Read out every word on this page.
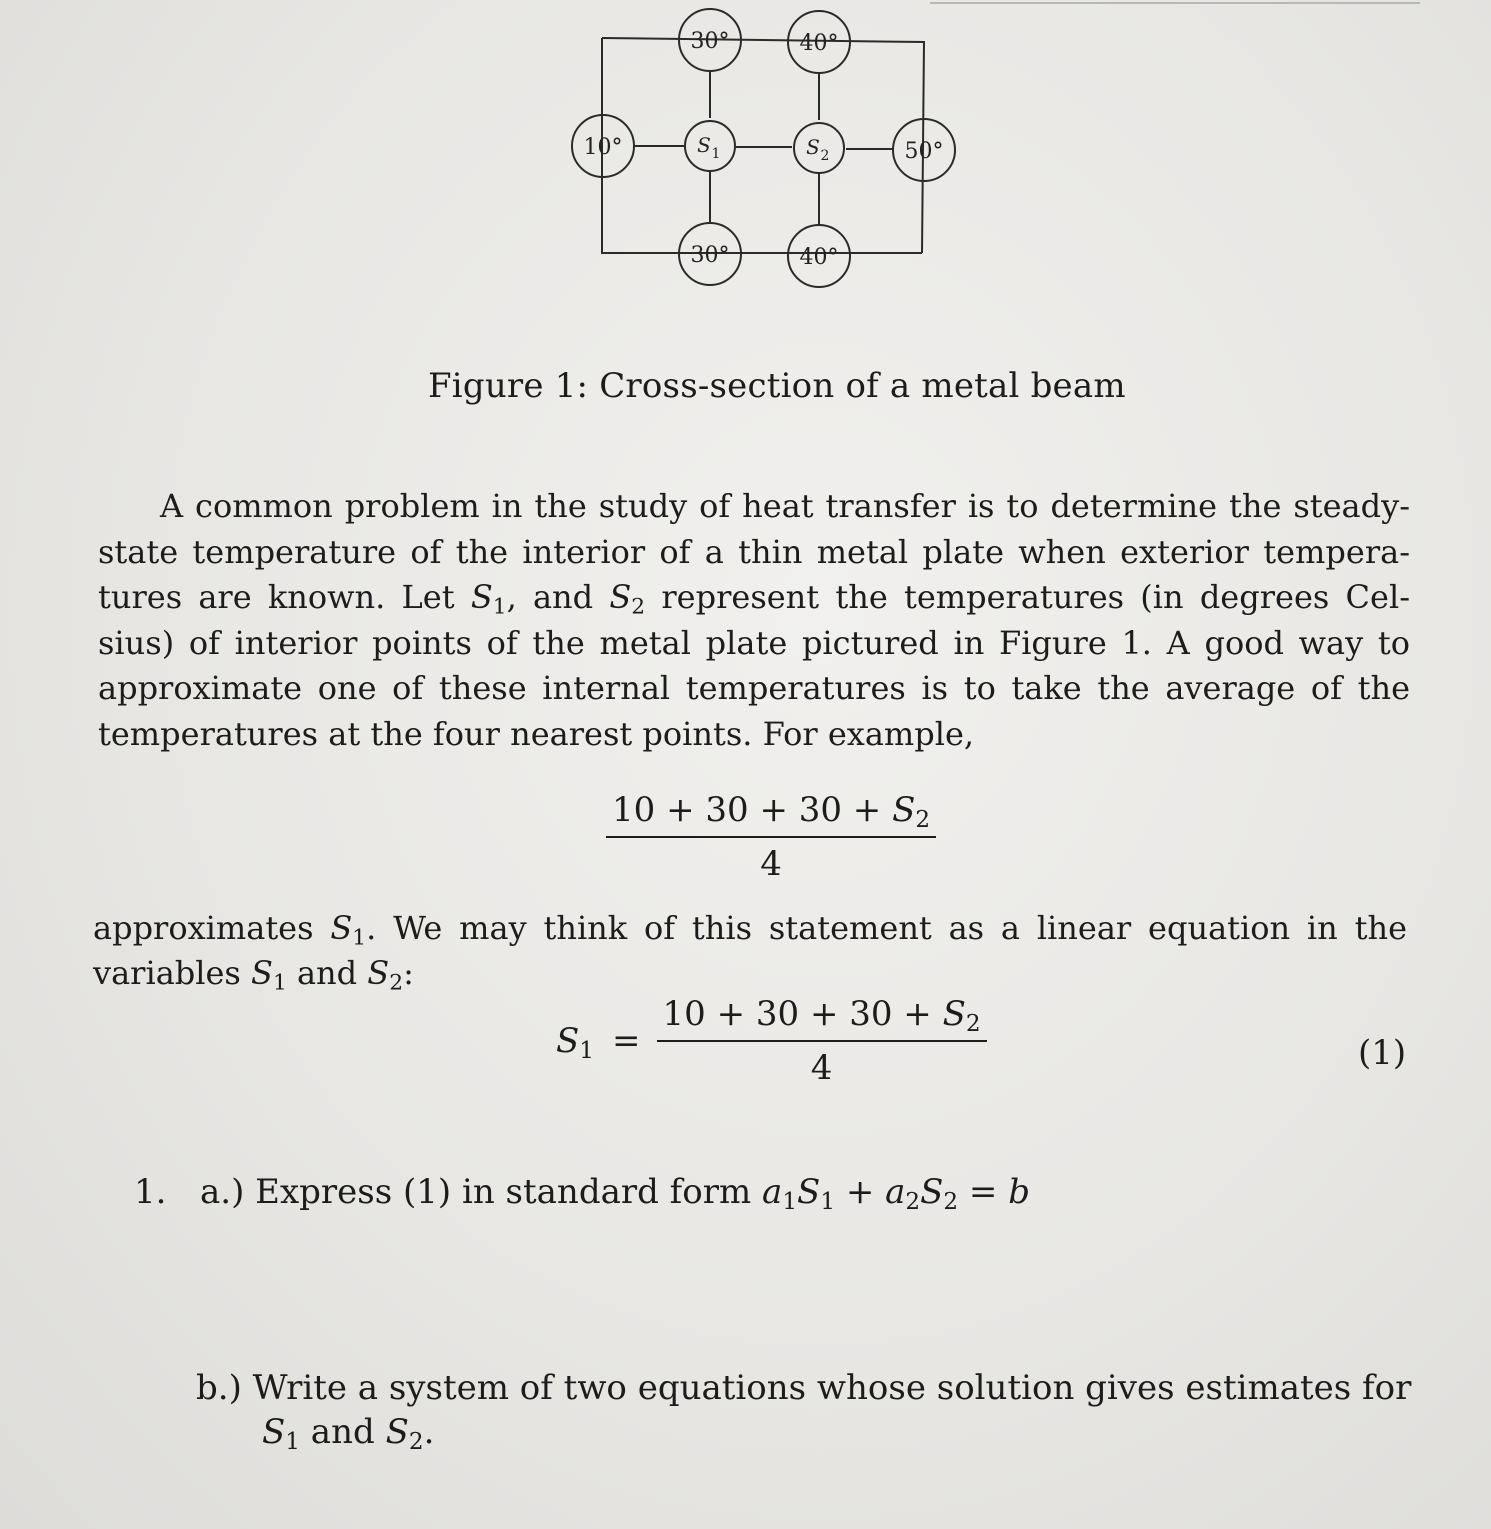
30°	40°
10°	S 1	S 2	50°
30°	40°
Figure 1: Cross-section of a metal beam
A common problem in the study of heat transfer is to determine the steady-
state temperature of the interior of a thin metal plate when exterior tempera-
tures are known. Let $S_1$, and $S_2$ represent the temperatures (in degrees Cel-
sius) of interior points of the metal plate pictured in Figure 1. A good way to
approximate one of these internal temperatures is to take the average of the
temperatures at the four nearest points. For example,
$\frac{10 + 30 + 30 + S_2}{4}$
approximates $S_1$. We may think of this statement as a linear equation in the
variables $S_1$ and $S_2$:
$S_1 = \frac{10 + 30 + 30 + S_2}{4}$	(1)
1. a.) Express (1) in standard form $a_1S_1 + a_2S_2 = b$
b.) Write a system of two equations whose solution gives estimates for
$S_1$ and $S_2$.
